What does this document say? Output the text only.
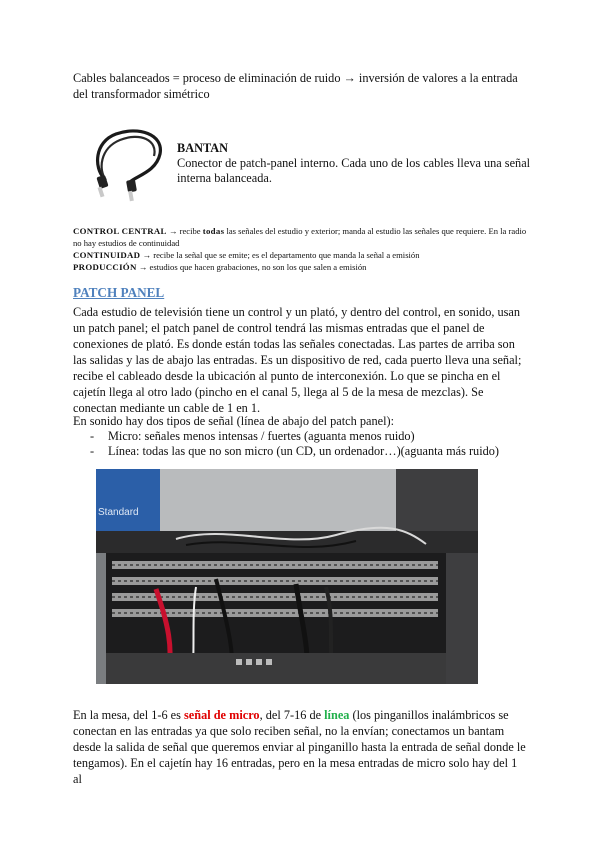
Cables balanceados = proceso de eliminación de ruido → inversión de valores a la entrada del transformador simétrico

BANTAN

Conector de patch-panel interno. Cada uno de los cables lleva una señal interna balanceada.

CONTROL CENTRAL → recibe todas las señales del estudio y exterior; manda al estudio las señales que requiere. En la radio no hay estudios de continuidad

CONTINUIDAD → recibe la señal que se emite; es el departamento que manda la señal a emisión

PRODUCCIÓN → estudios que hacen grabaciones, no son los que salen a emisión

PATCH PANEL

Cada estudio de televisión tiene un control y un plató, y dentro del control, en sonido, usan un patch panel; el patch panel de control tendrá las mismas entradas que el panel de conexiones de plató. Es donde están todas las señales conectadas. Las partes de arriba son las salidas y las de abajo las entradas. Es un dispositivo de red, cada puerto lleva una señal; recibe el cableado desde la ubicación al punto de interconexión. Lo que se pincha en el cajetín llega al otro lado (pincho en el canal 5, llega al 5 de la mesa de mezclas). Se conectan mediante un cable de 1 en 1.

En sonido hay dos tipos de señal (línea de abajo del patch panel):

- Micro: señales menos intensas / fuertes (aguanta menos ruido)
- Línea: todas las que no son micro (un CD, un ordenador…)(aguanta más ruido)
Standard

En la mesa, del 1-6 es señal de micro, del 7-16 de línea (los pinganillos inalámbricos se conectan en las entradas ya que solo reciben señal, no la envían; conectamos un bantam desde la salida de señal que queremos enviar al pinganillo hasta la entrada de señal donde le tengamos). En el cajetín hay 16 entradas, pero en la mesa entradas de micro solo hay del 1 al
